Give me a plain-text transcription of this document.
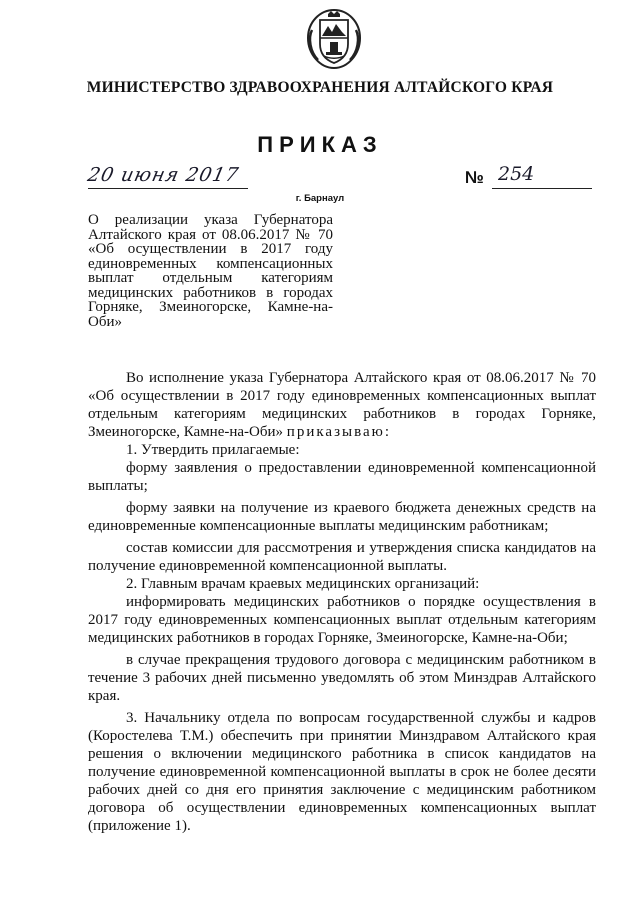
МИНИСТЕРСТВО ЗДРАВООХРАНЕНИЯ АЛТАЙСКОГО КРАЯ
ПРИКАЗ
20 июня 2017	№ 254
г. Барнаул
О реализации указа Губернатора Алтайского края от 08.06.2017 № 70 «Об осуществлении в 2017 году единовременных компенсационных выплат отдельным категориям медицинских работников в городах Горняке, Змеиногорске, Камне-на-Оби»

Во исполнение указа Губернатора Алтайского края от 08.06.2017 № 70 «Об осуществлении в 2017 году единовременных компенсационных выплат отдельным категориям медицинских работников в городах Горняке, Змеиногорске, Камне-на-Оби» приказываю:

1. Утвердить прилагаемые:

форму заявления о предоставлении единовременной компенсационной выплаты;

форму заявки на получение из краевого бюджета денежных средств на единовременные компенсационные выплаты медицинским работникам;

состав комиссии для рассмотрения и утверждения списка кандидатов на получение единовременной компенсационной выплаты.

2. Главным врачам краевых медицинских организаций:

информировать медицинских работников о порядке осуществления в 2017 году единовременных компенсационных выплат отдельным категориям медицинских работников в городах Горняке, Змеиногорске, Камне-на-Оби;

в случае прекращения трудового договора с медицинским работником в течение 3 рабочих дней письменно уведомлять об этом Минздрав Алтайского края.

3. Начальнику отдела по вопросам государственной службы и кадров (Коростелева Т.М.) обеспечить при принятии Минздравом Алтайского края решения о включении медицинского работника в список кандидатов на получение единовременной компенсационной выплаты в срок не более десяти рабочих дней со дня его принятия заключение с медицинским работником договора об осуществлении единовременных компенсационных выплат (приложение 1).
